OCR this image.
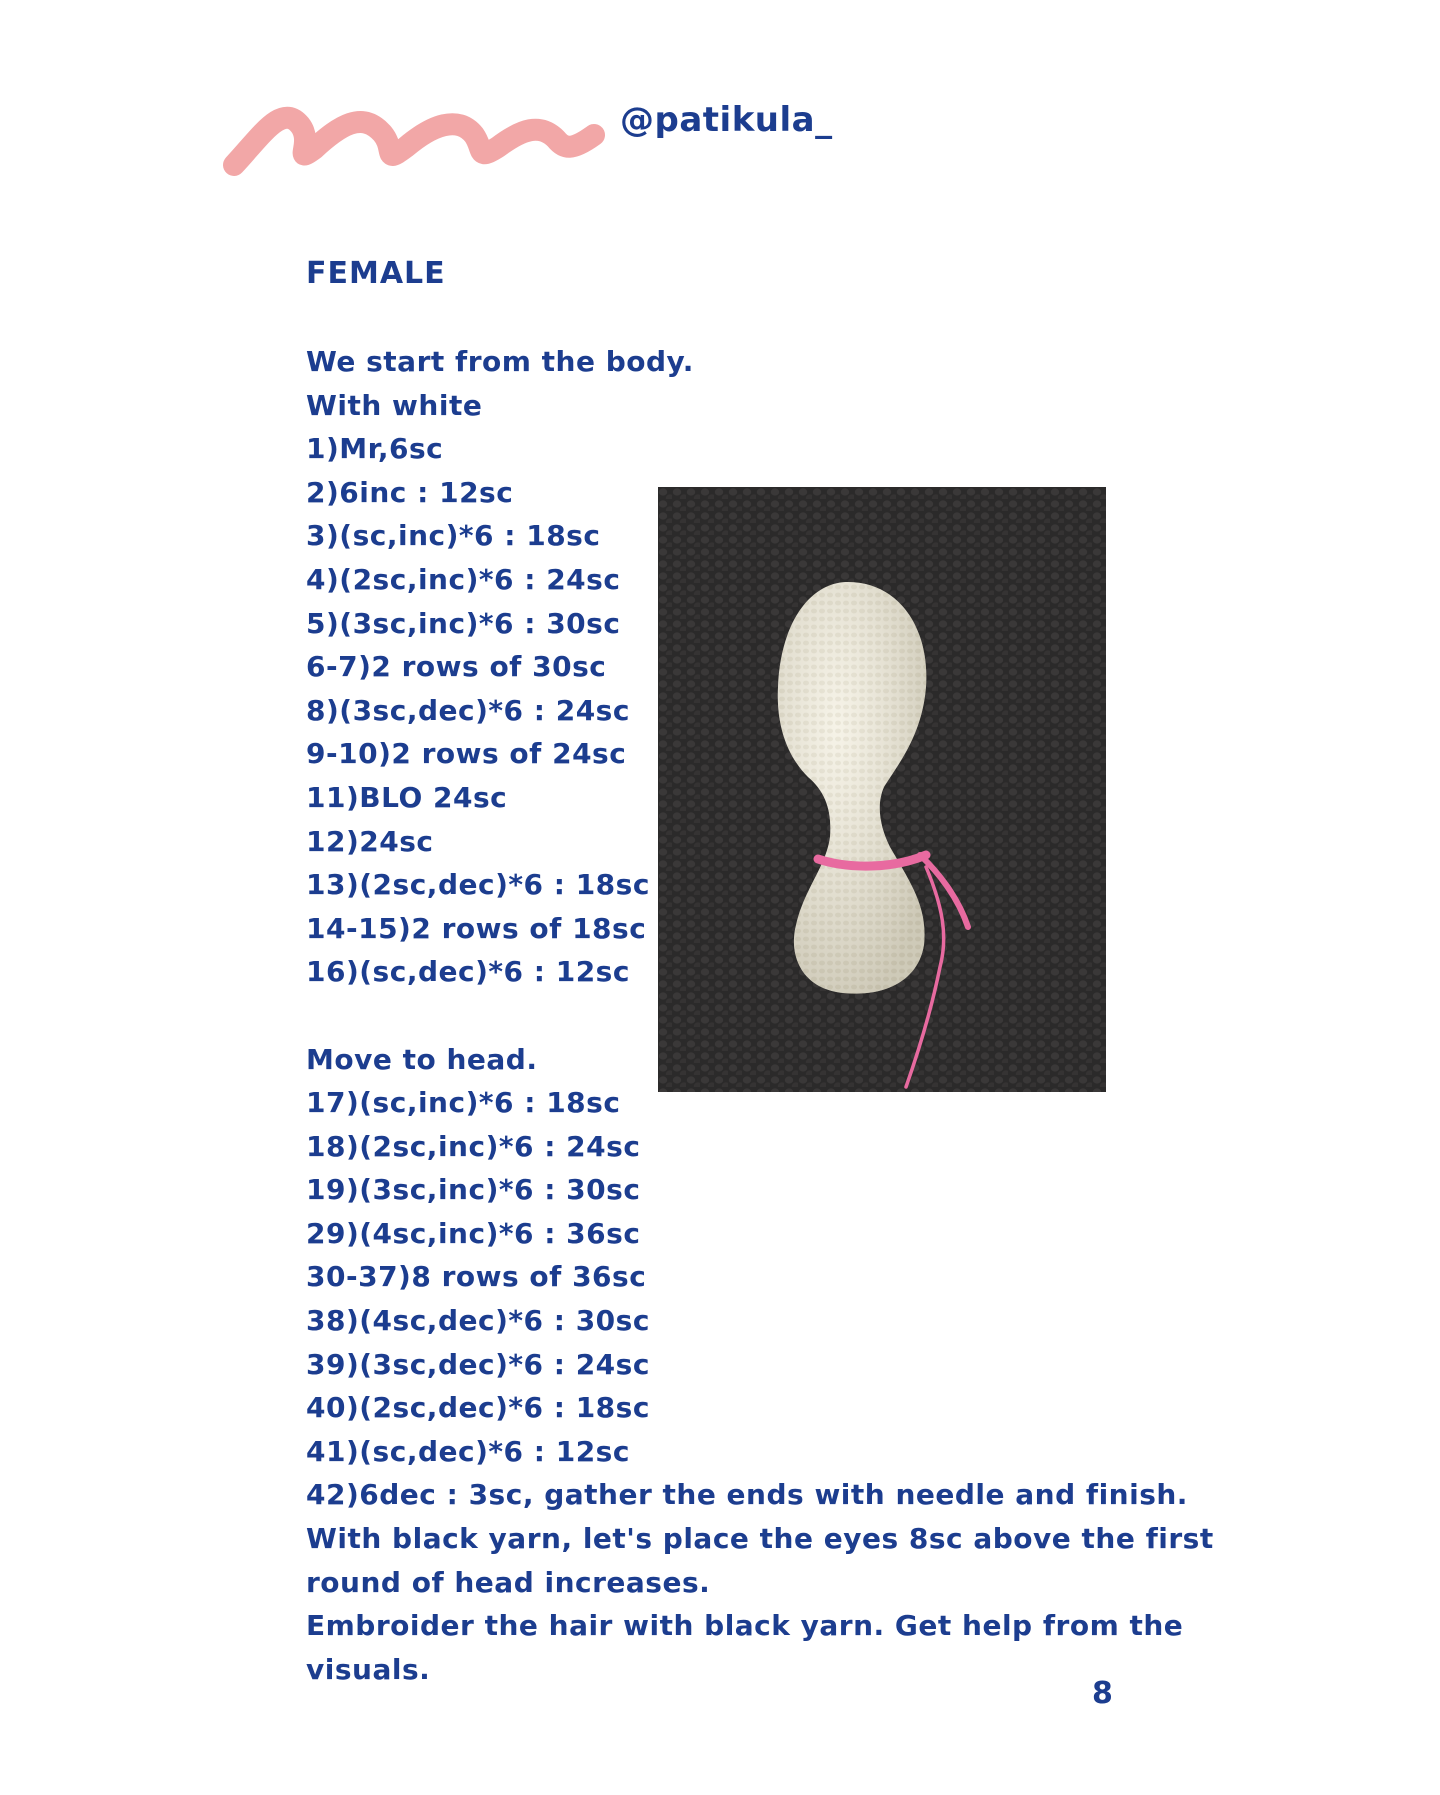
@patikula_
FEMALE
We start from the body.
With white
1)Mr,6sc
2)6inc : 12sc
3)(sc,inc)*6 : 18sc
4)(2sc,inc)*6 : 24sc
5)(3sc,inc)*6 : 30sc
6-7)2 rows of 30sc
8)(3sc,dec)*6 : 24sc
9-10)2 rows of 24sc
11)BLO 24sc
12)24sc
13)(2sc,dec)*6 : 18sc
14-15)2 rows of 18sc
16)(sc,dec)*6 : 12sc
Move to head.
17)(sc,inc)*6 : 18sc
18)(2sc,inc)*6 : 24sc
19)(3sc,inc)*6 : 30sc
29)(4sc,inc)*6 : 36sc
30-37)8 rows of 36sc
38)(4sc,dec)*6 : 30sc
39)(3sc,dec)*6 : 24sc
40)(2sc,dec)*6 : 18sc
41)(sc,dec)*6 : 12sc
42)6dec : 3sc, gather the ends with needle and finish.
With black yarn, let's place the eyes 8sc above the first
round of head increases.
Embroider the hair with black yarn. Get help from the
visuals.
8
